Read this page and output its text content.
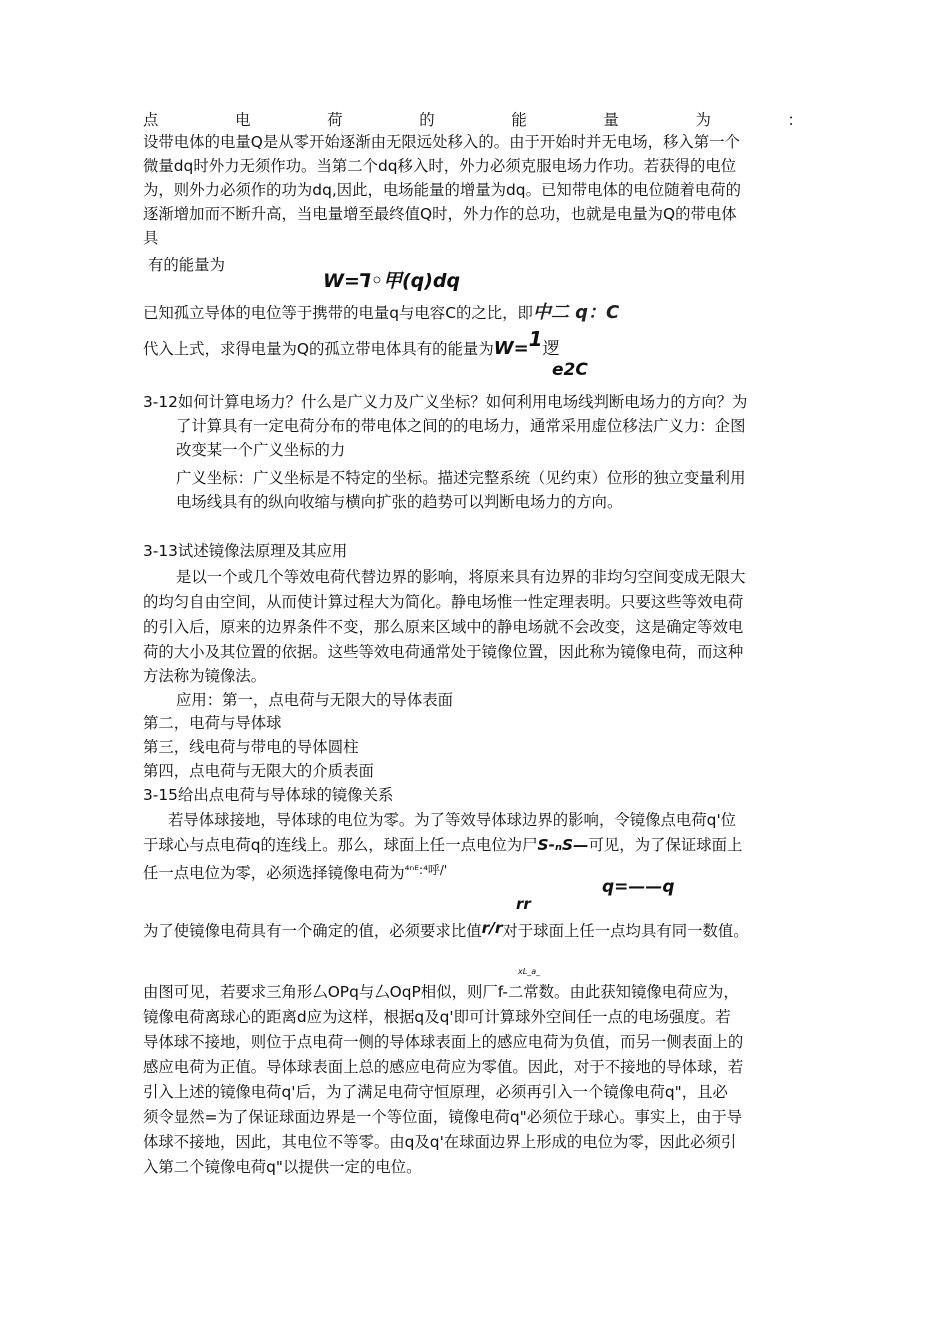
点	电	荷	的	能	量	为	：
设带电体的电量Q是从零开始逐渐由无限远处移入的。由于开始时并无电场，移入第一个
微量dq时外力无须作功。当第二个dq移入时，外力必须克服电场力作功。若获得的电位
为，则外力必须作的功为dq,因此，电场能量的增量为dq。已知带电体的电位随着电荷的
逐渐增加而不断升高，当电量增至最终值Q时，外力作的总功，也就是电量为Q的带电体
具
有的能量为
W=⅂◦甲(q)dq
已知孤立导体的电位等于携带的电量q与电容C的之比，即中二 q：C
代入上式，求得电量为Q的孤立带电体具有的能量为W=1逻
e2C
3-12如何计算电场力？什么是广义力及广义坐标？如何利用电场线判断电场力的方向？为
了计算具有一定电荷分布的带电体之间的的电场力，通常采用虚位移法广义力：企图
改变某一个广义坐标的力
广义坐标：广义坐标是不特定的坐标。描述完整系统（见约束）位形的独立变量利用
电场线具有的纵向收缩与横向扩张的趋势可以判断电场力的方向。
3-13试述镜像法原理及其应用
是以一个或几个等效电荷代替边界的影响，将原来具有边界的非均匀空间变成无限大
的均匀自由空间，从而使计算过程大为简化。静电场惟一性定理表明。只要这些等效电荷
的引入后，原来的边界条件不变，那么原来区域中的静电场就不会改变，这是确定等效电
荷的大小及其位置的依据。这些等效电荷通常处于镜像位置，因此称为镜像电荷，而这种
方法称为镜像法。
应用：第一，点电荷与无限大的导体表面
第二，电荷与导体球
第三，线电荷与带电的导体圆柱
第四，点电荷与无限大的介质表面
3-15给出点电荷与导体球的镜像关系
若导体球接地，导体球的电位为零。为了等效导体球边界的影响，令镜像点电荷q'位
于球心与点电荷q的连线上。那么，球面上任一点电位为尸S-ₙS—可见，为了保证球面上
任一点电位为零，必须选择镜像电荷为$^{^{4n}ᴱ:^4呼/'}$
q=——q
rr
为了使镜像电荷具有一个确定的值，必须要求比值r/r对于球面上任一点均具有同一数值。
xL_a_
由图可见，若要求三角形厶OPq与厶OqP相似，则厂f-二常数。由此获知镜像电荷应为，
镜像电荷离球心的距离d应为这样，根据q及q'即可计算球外空间任一点的电场强度。若
导体球不接地，则位于点电荷一侧的导体球表面上的感应电荷为负值，而另一侧表面上的
感应电荷为正值。导体球表面上总的感应电荷应为零值。因此，对于不接地的导体球，若
引入上述的镜像电荷q'后，为了满足电荷守恒原理，必须再引入一个镜像电荷q"，且必
须令显然=为了保证球面边界是一个等位面，镜像电荷q"必须位于球心。事实上，由于导
体球不接地，因此，其电位不等零。由q及q'在球面边界上形成的电位为零，因此必须引
入第二个镜像电荷q"以提供一定的电位。
